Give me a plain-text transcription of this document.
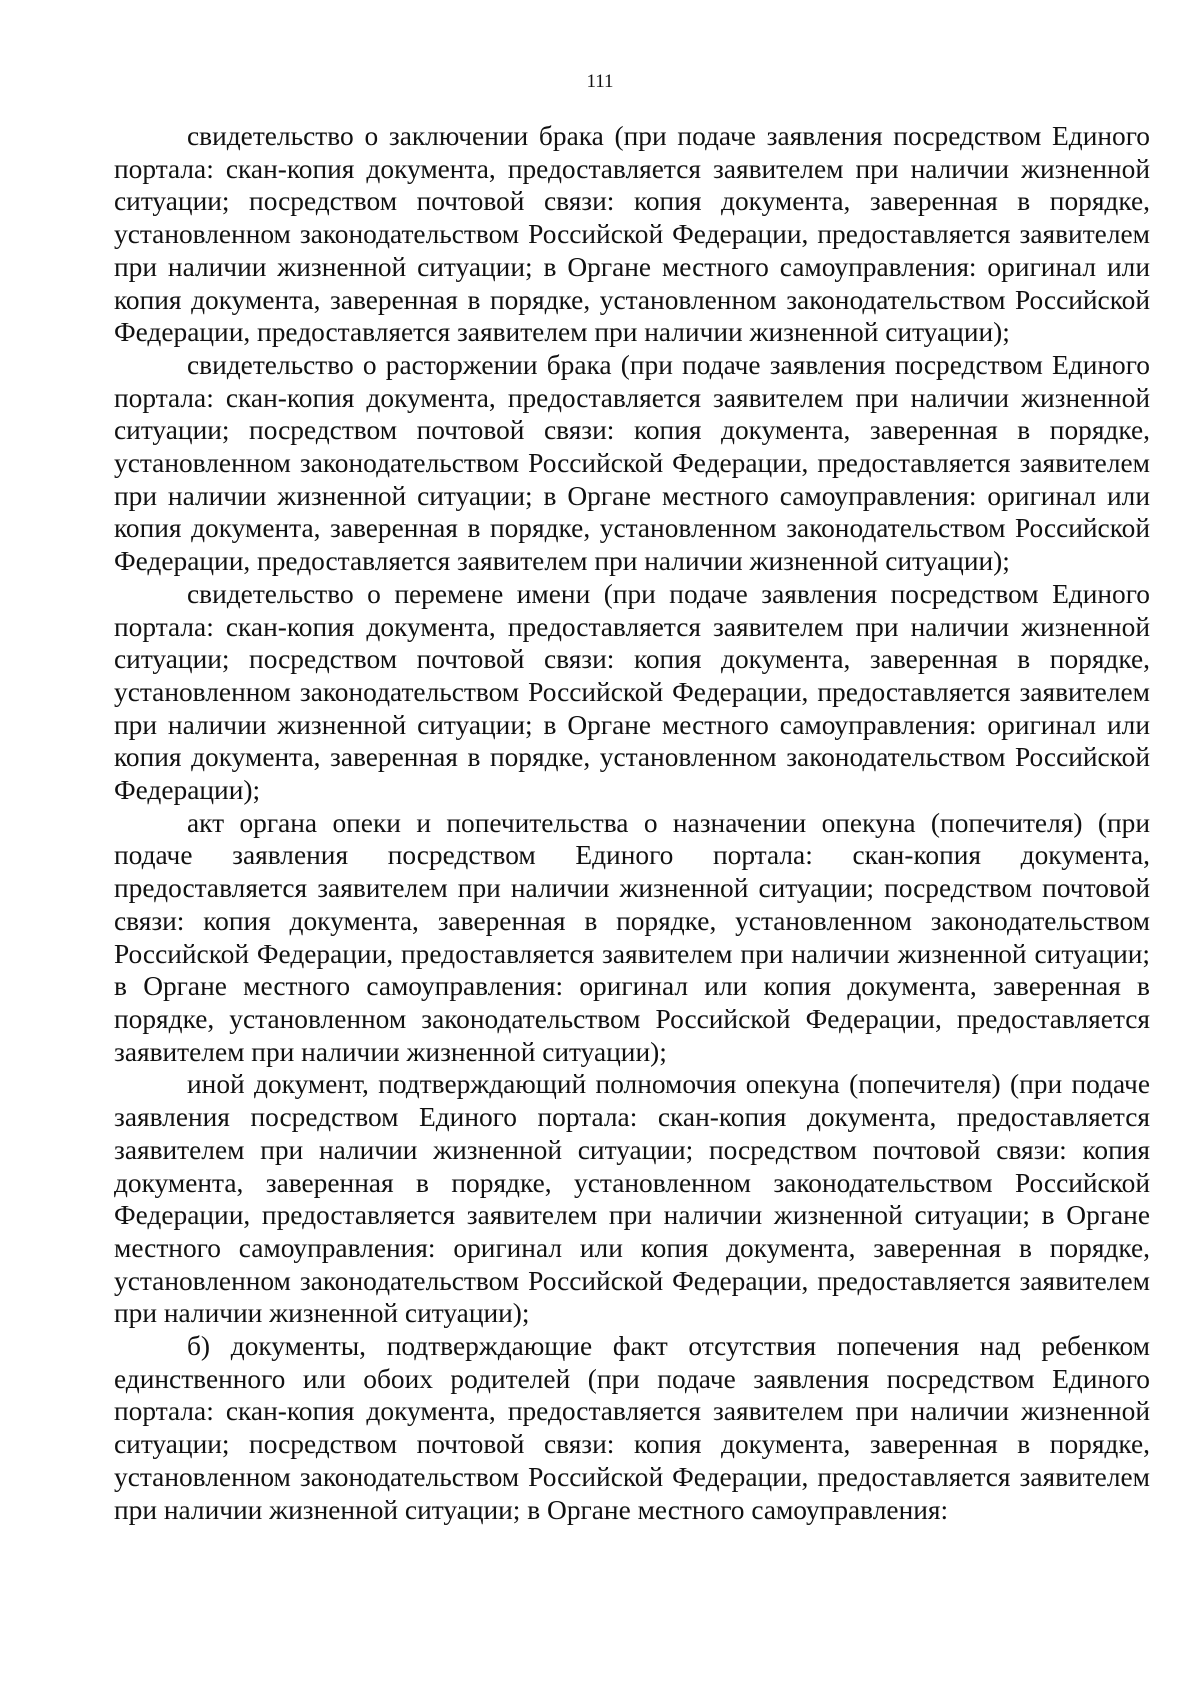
111

свидетельство о заключении брака (при подаче заявления посредством Единого портала: скан-копия документа, предоставляется заявителем при наличии жизненной ситуации; посредством почтовой связи: копия документа, заверенная в порядке, установленном законодательством Российской Федерации, предоставляется заявителем при наличии жизненной ситуации; в Органе местного самоуправления: оригинал или копия документа, заверенная в порядке, установленном законодательством Российской Федерации, предоставляется заявителем при наличии жизненной ситуации);

свидетельство о расторжении брака (при подаче заявления посредством Единого портала: скан-копия документа, предоставляется заявителем при наличии жизненной ситуации; посредством почтовой связи: копия документа, заверенная в порядке, установленном законодательством Российской Федерации, предоставляется заявителем при наличии жизненной ситуации; в Органе местного самоуправления: оригинал или копия документа, заверенная в порядке, установленном законодательством Российской Федерации, предоставляется заявителем при наличии жизненной ситуации);

свидетельство о перемене имени (при подаче заявления посредством Единого портала: скан-копия документа, предоставляется заявителем при наличии жизненной ситуации; посредством почтовой связи: копия документа, заверенная в порядке, установленном законодательством Российской Федерации, предоставляется заявителем при наличии жизненной ситуации; в Органе местного самоуправления: оригинал или копия документа, заверенная в порядке, установленном законодательством Российской Федерации);

акт органа опеки и попечительства о назначении опекуна (попечителя) (при подаче заявления посредством Единого портала: скан-копия документа, предоставляется заявителем при наличии жизненной ситуации; посредством почтовой связи: копия документа, заверенная в порядке, установленном законодательством Российской Федерации, предоставляется заявителем при наличии жизненной ситуации; в Органе местного самоуправления: оригинал или копия документа, заверенная в порядке, установленном законодательством Российской Федерации, предоставляется заявителем при наличии жизненной ситуации);

иной документ, подтверждающий полномочия опекуна (попечителя) (при подаче заявления посредством Единого портала: скан-копия документа, предоставляется заявителем при наличии жизненной ситуации; посредством почтовой связи: копия документа, заверенная в порядке, установленном законодательством Российской Федерации, предоставляется заявителем при наличии жизненной ситуации; в Органе местного самоуправления: оригинал или копия документа, заверенная в порядке, установленном законодательством Российской Федерации, предоставляется заявителем при наличии жизненной ситуации);

б) документы, подтверждающие факт отсутствия попечения над ребенком единственного или обоих родителей (при подаче заявления посредством Единого портала: скан-копия документа, предоставляется заявителем при наличии жизненной ситуации; посредством почтовой связи: копия документа, заверенная в порядке, установленном законодательством Российской Федерации, предоставляется заявителем при наличии жизненной ситуации; в Органе местного самоуправления:
